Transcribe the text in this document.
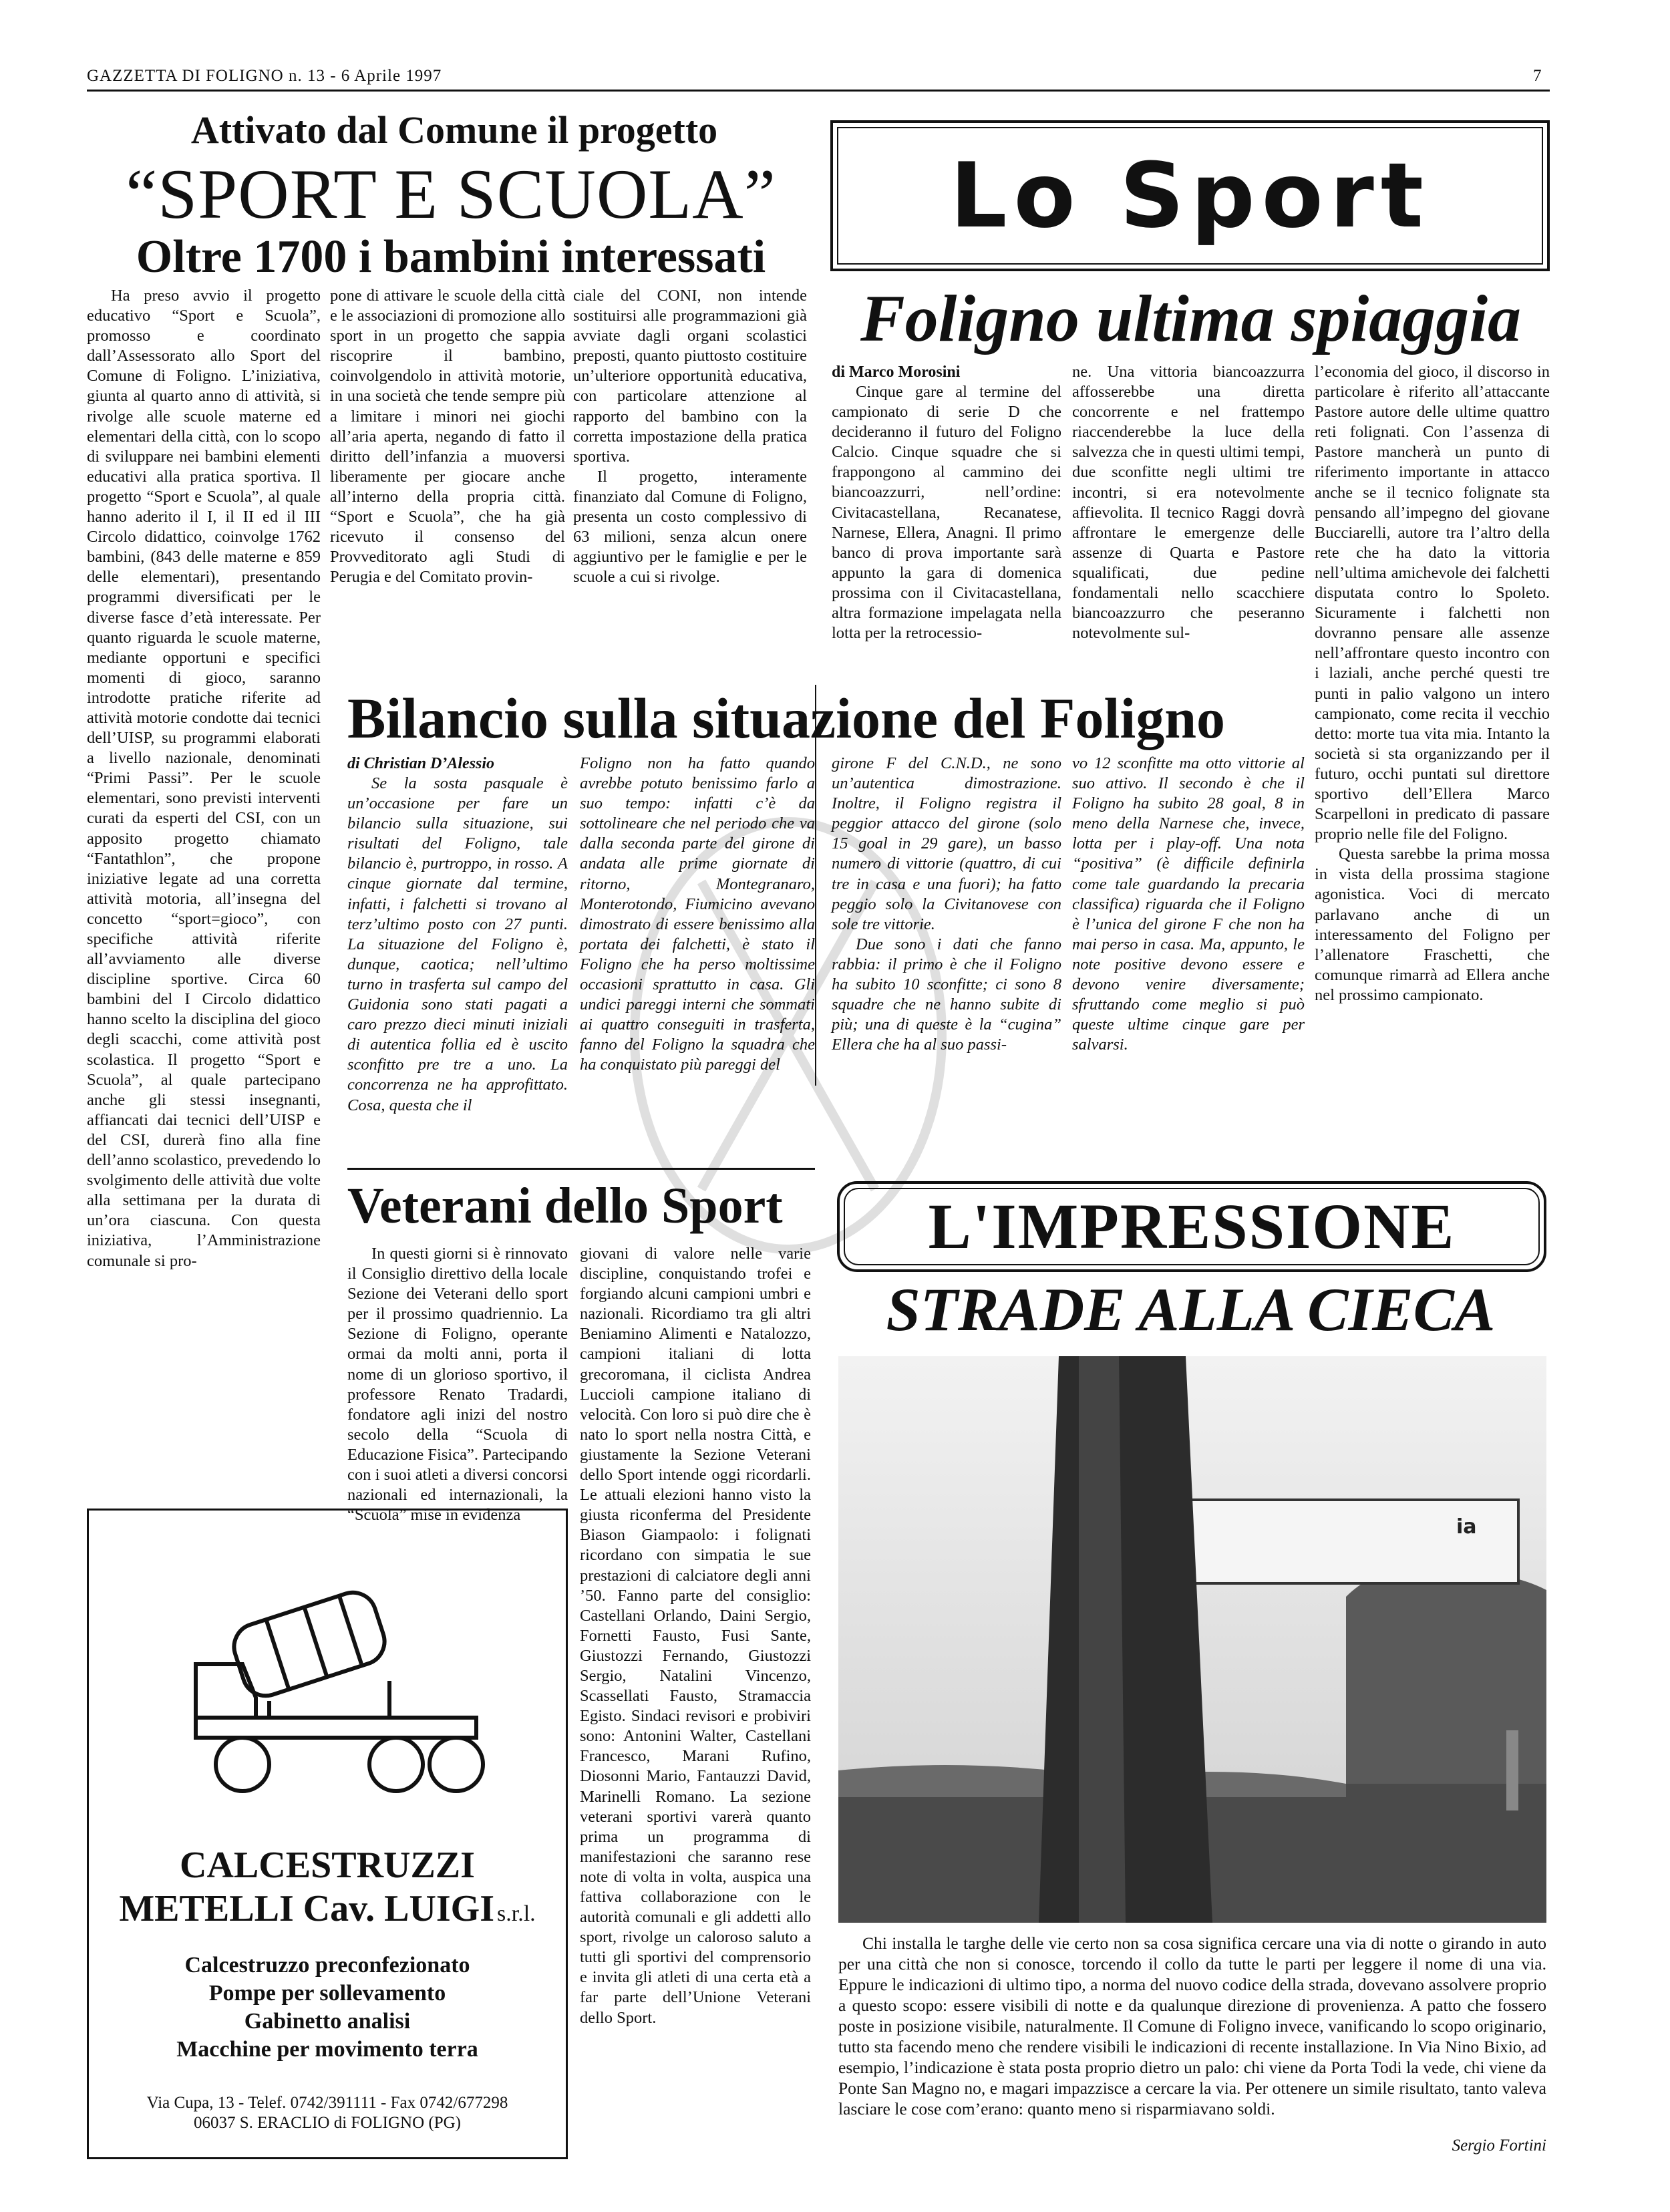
GAZZETTA DI FOLIGNO n. 13 - 6 Aprile 1997	7
Attivato dal Comune il progetto
“SPORT E SCUOLA”
Oltre 1700 i bambini interessati

Ha preso avvio il progetto educativo “Sport e Scuola”, promosso e coordinato dall’Assessorato allo Sport del Comune di Foligno. L’iniziativa, giunta al quarto anno di attività, si rivolge alle scuole materne ed elementari della città, con lo scopo di sviluppare nei bambini elementi educativi alla pratica sportiva. Il progetto “Sport e Scuola”, al quale hanno aderito il I, il II ed il III Circolo didattico, coinvolge 1762 bambini, (843 delle materne e 859 delle elementari), presentando programmi diversificati per le diverse fasce d’età interessate. Per quanto riguarda le scuole materne, mediante opportuni e specifici momenti di gioco, saranno introdotte pratiche riferite ad attività motorie condotte dai tecnici dell’UISP, su programmi elaborati a livello nazionale, denominati “Primi Passi”. Per le scuole elementari, sono previsti interventi curati da esperti del CSI, con un apposito progetto chiamato “Fantathlon”, che propone iniziative legate ad una corretta attività motoria, all’insegna del concetto “sport=gioco”, con specifiche attività riferite all’avviamento alle diverse discipline sportive. Circa 60 bambini del I Circolo didattico hanno scelto la disciplina del gioco degli scacchi, come attività post scolastica. Il progetto “Sport e Scuola”, al quale partecipano anche gli stessi insegnanti, affiancati dai tecnici dell’UISP e del CSI, durerà fino alla fine dell’anno scolastico, prevedendo lo svolgimento delle attività due volte alla settimana per la durata di un’ora ciascuna. Con questa iniziativa, l’Amministrazione comunale si pro-

pone di attivare le scuole della città e le associazioni di promozione allo sport in un progetto che sappia riscoprire il bambino, coinvolgendolo in attività motorie, in una società che tende sempre più a limitare i minori nei giochi all’aria aperta, negando di fatto il diritto dell’infanzia a muoversi liberamente per giocare anche all’interno della propria città. “Sport e Scuola”, che ha già ricevuto il consenso del Provveditorato agli Studi di Perugia e del Comitato provin-

ciale del CONI, non intende sostituirsi alle programmazioni già avviate dagli organi scolastici preposti, quanto piuttosto costituire un’ulteriore opportunità educativa, con particolare attenzione al rapporto del bambino con la corretta impostazione della pratica sportiva.

Il progetto, interamente finanziato dal Comune di Foligno, presenta un costo complessivo di 63 milioni, senza alcun onere aggiuntivo per le famiglie e per le scuole a cui si rivolge.

Lo Sport
Foligno ultima spiaggia
di Marco Morosini

Cinque gare al termine del campionato di serie D che decideranno il futuro del Foligno Calcio. Cinque squadre che si frappongono al cammino dei biancoazzurri, nell’ordine: Civitacastellana, Recanatese, Narnese, Ellera, Anagni. Il primo banco di prova importante sarà appunto la gara di domenica prossima con il Civitacastellana, altra formazione impelagata nella lotta per la retrocessio-

ne. Una vittoria biancoazzurra affosserebbe una diretta concorrente e nel frattempo riaccenderebbe la luce della salvezza che in questi ultimi tempi, due sconfitte negli ultimi tre incontri, si era notevolmente affievolita. Il tecnico Raggi dovrà affrontare le emergenze delle assenze di Quarta e Pastore squalificati, due pedine fondamentali nello scacchiere biancoazzurro che peseranno notevolmente sul-

l’economia del gioco, il discorso in particolare è riferito all’attaccante Pastore autore delle ultime quattro reti folignati. Con l’assenza di Pastore mancherà un punto di riferimento importante in attacco anche se il tecnico folignate sta pensando all’impegno del giovane Bucciarelli, autore tra l’altro della rete che ha dato la vittoria nell’ultima amichevole dei falchetti disputata contro lo Spoleto. Sicuramente i falchetti non dovranno pensare alle assenze nell’affrontare questo incontro con i laziali, anche perché questi tre punti in palio valgono un intero campionato, come recita il vecchio detto: morte tua vita mia. Intanto la società si sta organizzando per il futuro, occhi puntati sul direttore sportivo dell’Ellera Marco Scarpelloni in predicato di passare proprio nelle file del Foligno.

Questa sarebbe la prima mossa in vista della prossima stagione agonistica. Voci di mercato parlavano anche di un interessamento del Foligno per l’allenatore Fraschetti, che comunque rimarrà ad Ellera anche nel prossimo campionato.

Bilancio sulla situazione del Foligno
di Christian D’Alessio

Se la sosta pasquale è un’occasione per fare un bilancio sulla situazione, sui risultati del Foligno, tale bilancio è, purtroppo, in rosso. A cinque giornate dal termine, infatti, i falchetti si trovano al terz’ultimo posto con 27 punti. La situazione del Foligno è, dunque, caotica; nell’ultimo turno in trasferta sul campo del Guidonia sono stati pagati a caro prezzo dieci minuti iniziali di autentica follia ed è uscito sconfitto pre tre a uno. La concorrenza ne ha approfittato. Cosa, questa che il

Foligno non ha fatto quando avrebbe potuto benissimo farlo a suo tempo: infatti c’è da sottolineare che nel periodo che va dalla seconda parte del girone di andata alle prime giornate di ritorno, Montegranaro, Monterotondo, Fiumicino avevano dimostrato di essere benissimo alla portata dei falchetti, è stato il Foligno che ha perso moltissime occasioni sprattutto in casa. Gli undici pareggi interni che sommati ai quattro conseguiti in trasferta, fanno del Foligno la squadra che ha conquistato più pareggi del

girone F del C.N.D., ne sono un’autentica dimostrazione. Inoltre, il Foligno registra il peggior attacco del girone (solo 15 goal in 29 gare), un basso numero di vittorie (quattro, di cui tre in casa e una fuori); ha fatto peggio solo la Civitanovese con sole tre vittorie.

Due sono i dati che fanno rabbia: il primo è che il Foligno ha subito 10 sconfitte; ci sono 8 squadre che ne hanno subite di più; una di queste è la “cugina” Ellera che ha al suo passi-

vo 12 sconfitte ma otto vittorie al suo attivo. Il secondo è che il Foligno ha subito 28 goal, 8 in meno della Narnese che, invece, lotta per i play-off. Una nota “positiva” (è difficile definirla come tale guardando la precaria classifica) riguarda che il Foligno è l’unica del girone F che non ha mai perso in casa. Ma, appunto, le note positive devono essere e devono venire diversamente; sfruttando come meglio si può queste ultime cinque gare per salvarsi.

Veterani dello Sport

In questi giorni si è rinnovato il Consiglio direttivo della locale Sezione dei Veterani dello sport per il prossimo quadriennio. La Sezione di Foligno, operante ormai da molti anni, porta il nome di un glorioso sportivo, il professore Renato Tradardi, fondatore agli inizi del nostro secolo della “Scuola di Educazione Fisica”. Partecipando con i suoi atleti a diversi concorsi nazionali ed internazionali, la “Scuola” mise in evidenza

giovani di valore nelle varie discipline, conquistando trofei e forgiando alcuni campioni umbri e nazionali. Ricordiamo tra gli altri Beniamino Alimenti e Natalozzo, campioni italiani di lotta grecoromana, il ciclista Andrea Luccioli campione italiano di velocità. Con loro si può dire che è nato lo sport nella nostra Città, e giustamente la Sezione Veterani dello Sport intende oggi ricordarli. Le attuali elezioni hanno visto la giusta riconferma del Presidente Biason Giampaolo: i folignati ricordano con simpatia le sue prestazioni di calciatore degli anni ’50. Fanno parte del consiglio: Castellani Orlando, Daini Sergio, Fornetti Fausto, Fusi Sante, Giustozzi Fernando, Giustozzi Sergio, Natalini Vincenzo, Scassellati Fausto, Stramaccia Egisto. Sindaci revisori e probiviri sono: Antonini Walter, Castellani Francesco, Marani Rufino, Diosonni Mario, Fantauzzi David, Marinelli Romano. La sezione veterani sportivi varerà quanto prima un programma di manifestazioni che saranno rese note di volta in volta, auspica una fattiva collaborazione con le autorità comunali e gli addetti allo sport, rivolge un caloroso saluto a tutti gli sportivi del comprensorio e invita gli atleti di una certa età a far parte dell’Unione Veterani dello Sport.

CALCESTRUZZI
METELLI Cav. LUIGI s.r.l.
Calcestruzzo preconfezionato
Pompe per sollevamento
Gabinetto analisi
Macchine per movimento terra
Via Cupa, 13 - Telef. 0742/391111 - Fax 0742/677298
06037 S. ERACLIO di FOLIGNO (PG)
L'IMPRESSIONE
STRADE ALLA CIECA
ia

Chi installa le targhe delle vie certo non sa cosa significa cercare una via di notte o girando in auto per una città che non si conosce, torcendo il collo da tutte le parti per leggere il nome di una via. Eppure le indicazioni di ultimo tipo, a norma del nuovo codice della strada, dovevano assolvere proprio a questo scopo: essere visibili di notte e da qualunque direzione di provenienza. A patto che fossero poste in posizione visibile, naturalmente. Il Comune di Foligno invece, vanificando lo scopo originario, tutto sta facendo meno che rendere visibili le indicazioni di recente installazione. In Via Nino Bixio, ad esempio, l’indicazione è stata posta proprio dietro un palo: chi viene da Porta Todi la vede, chi viene da Ponte San Magno no, e magari impazzisce a cercare la via. Per ottenere un simile risultato, tanto valeva lasciare le cose com’erano: quanto meno si risparmiavano soldi.

Sergio Fortini
